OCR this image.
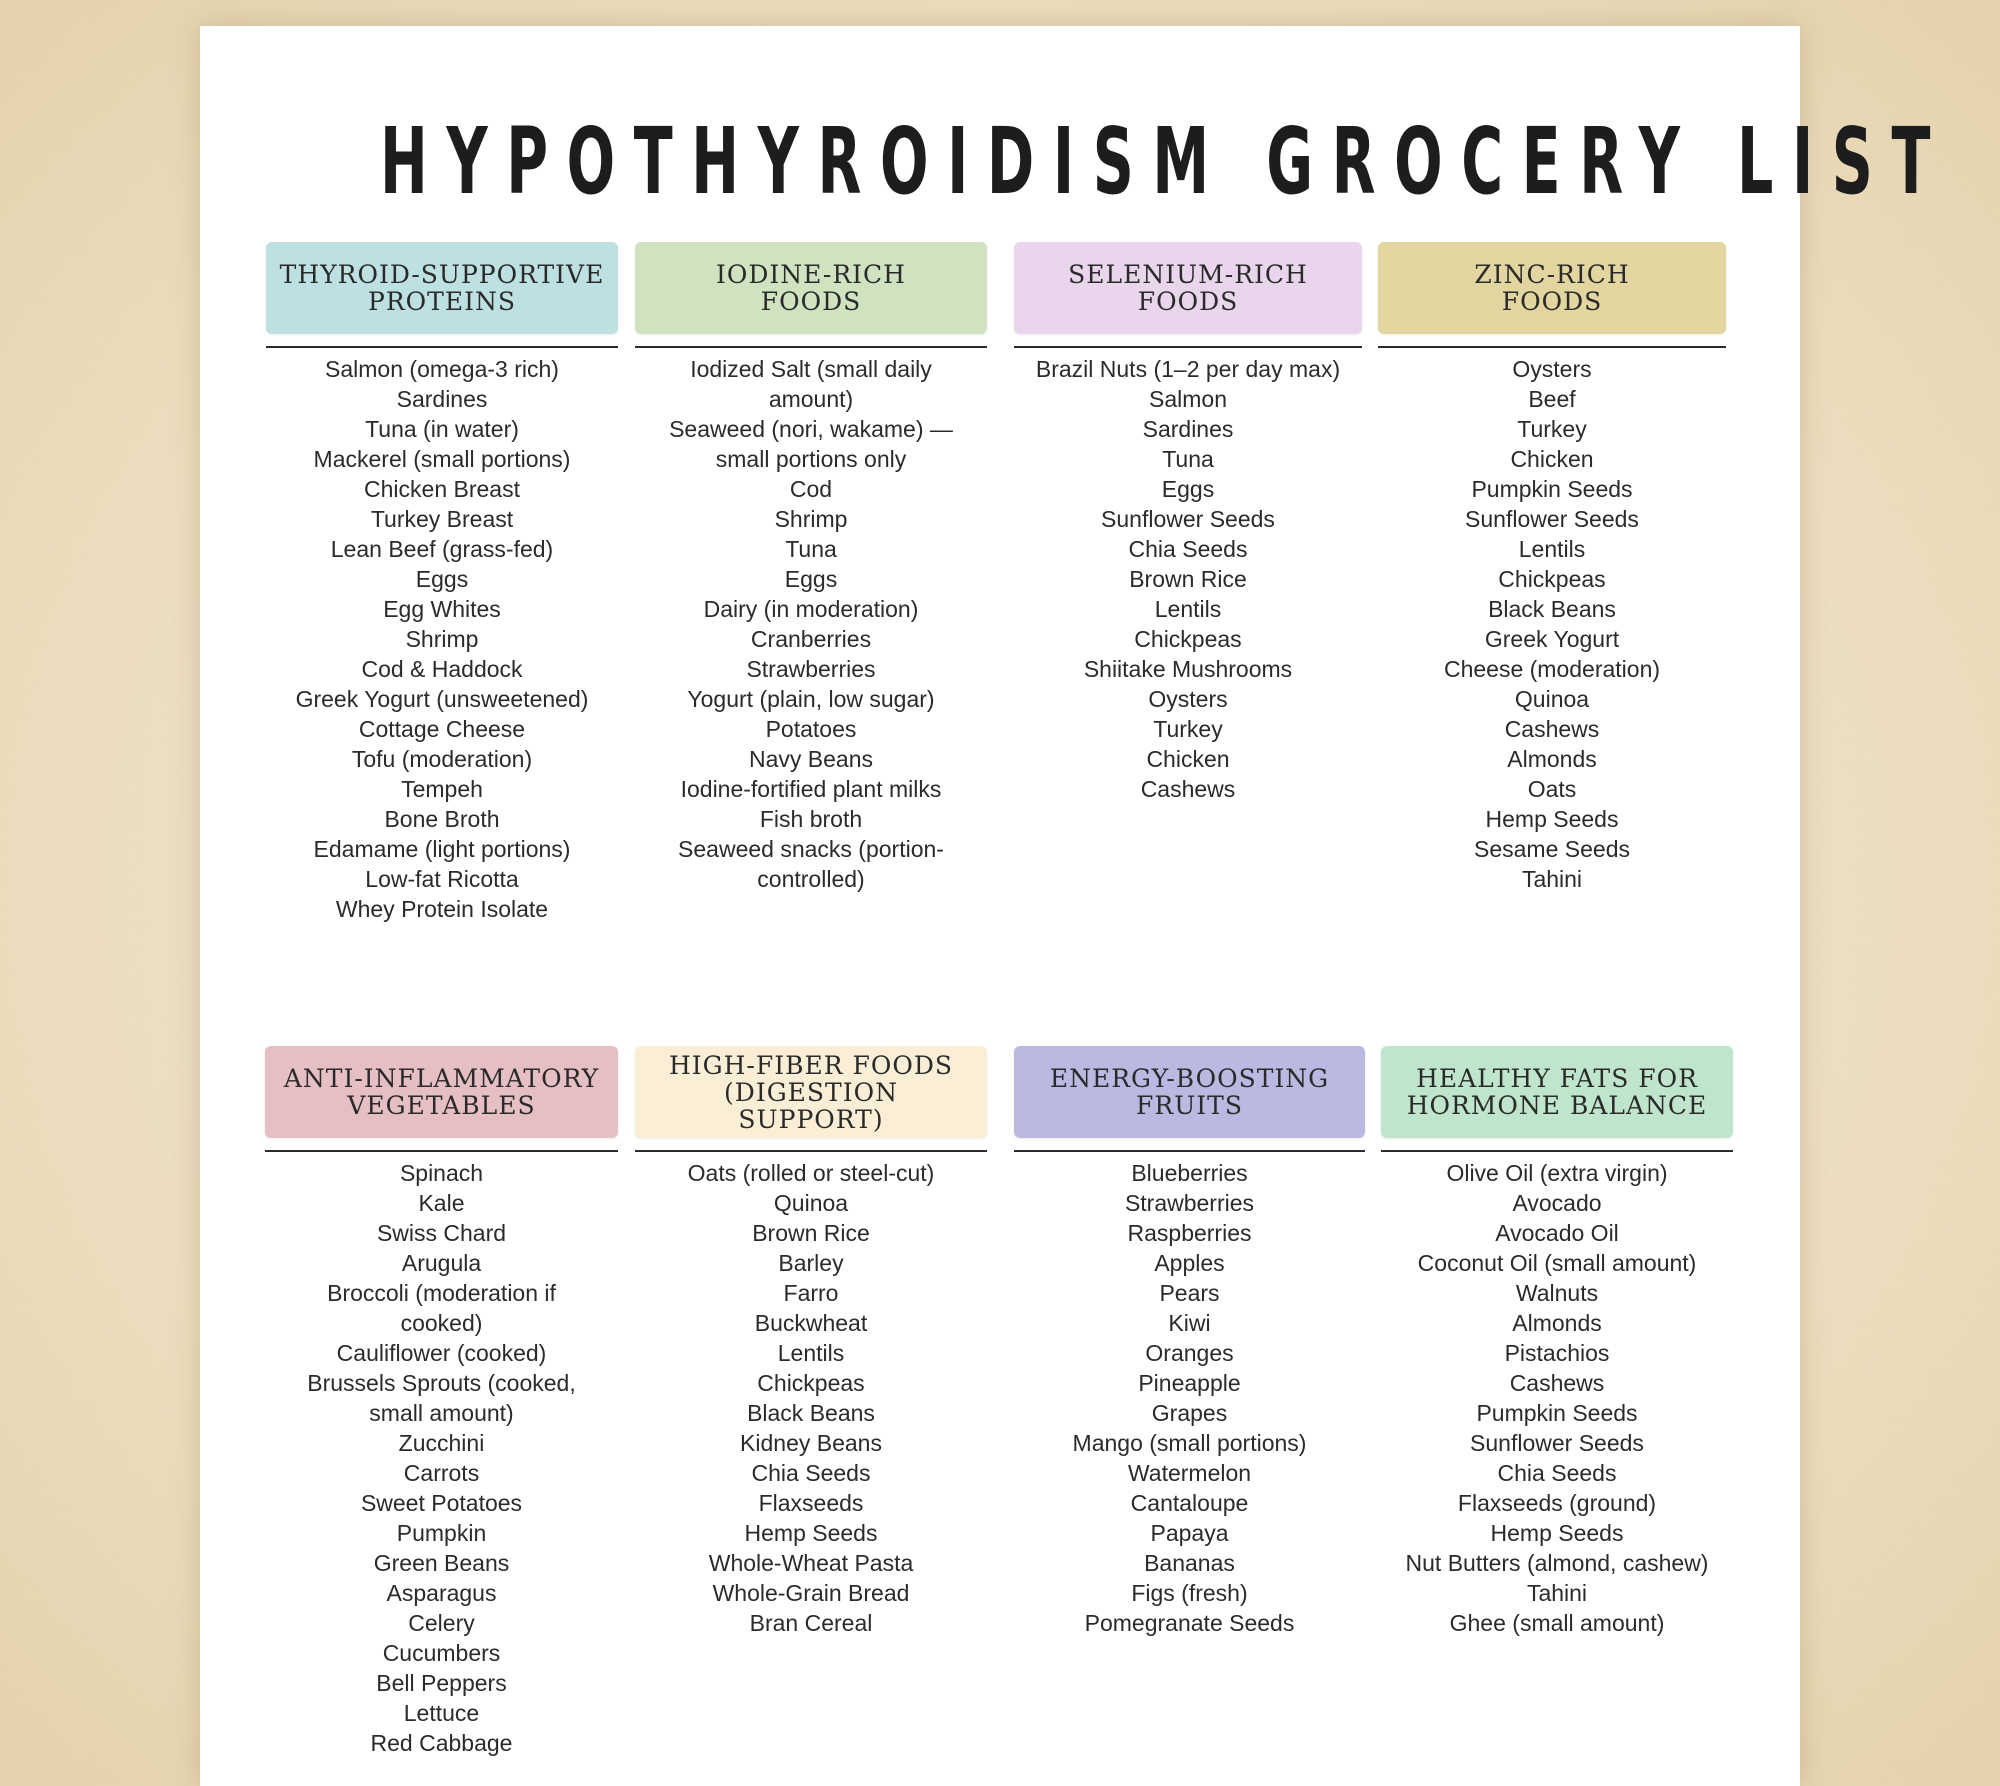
HYPOTHYROIDISM GROCERY LIST
THYROID-SUPPORTIVE
PROTEINS
Salmon (omega-3 rich)
Sardines
Tuna (in water)
Mackerel (small portions)
Chicken Breast
Turkey Breast
Lean Beef (grass-fed)
Eggs
Egg Whites
Shrimp
Cod & Haddock
Greek Yogurt (unsweetened)
Cottage Cheese
Tofu (moderation)
Tempeh
Bone Broth
Edamame (light portions)
Low-fat Ricotta
Whey Protein Isolate
IODINE-RICH
FOODS
Iodized Salt (small daily amount)
Seaweed (nori, wakame) — small portions only
Cod
Shrimp
Tuna
Eggs
Dairy (in moderation)
Cranberries
Strawberries
Yogurt (plain, low sugar)
Potatoes
Navy Beans
Iodine-fortified plant milks
Fish broth
Seaweed snacks (portion-controlled)
SELENIUM-RICH
FOODS
Brazil Nuts (1–2 per day max)
Salmon
Sardines
Tuna
Eggs
Sunflower Seeds
Chia Seeds
Brown Rice
Lentils
Chickpeas
Shiitake Mushrooms
Oysters
Turkey
Chicken
Cashews
ZINC-RICH
FOODS
Oysters
Beef
Turkey
Chicken
Pumpkin Seeds
Sunflower Seeds
Lentils
Chickpeas
Black Beans
Greek Yogurt
Cheese (moderation)
Quinoa
Cashews
Almonds
Oats
Hemp Seeds
Sesame Seeds
Tahini
ANTI-INFLAMMATORY
VEGETABLES
Spinach
Kale
Swiss Chard
Arugula
Broccoli (moderation if cooked)
Cauliflower (cooked)
Brussels Sprouts (cooked, small amount)
Zucchini
Carrots
Sweet Potatoes
Pumpkin
Green Beans
Asparagus
Celery
Cucumbers
Bell Peppers
Lettuce
Red Cabbage
HIGH-FIBER FOODS
(DIGESTION
SUPPORT)
Oats (rolled or steel-cut)
Quinoa
Brown Rice
Barley
Farro
Buckwheat
Lentils
Chickpeas
Black Beans
Kidney Beans
Chia Seeds
Flaxseeds
Hemp Seeds
Whole-Wheat Pasta
Whole-Grain Bread
Bran Cereal
ENERGY-BOOSTING
FRUITS
Blueberries
Strawberries
Raspberries
Apples
Pears
Kiwi
Oranges
Pineapple
Grapes
Mango (small portions)
Watermelon
Cantaloupe
Papaya
Bananas
Figs (fresh)
Pomegranate Seeds
HEALTHY FATS FOR
HORMONE BALANCE
Olive Oil (extra virgin)
Avocado
Avocado Oil
Coconut Oil (small amount)
Walnuts
Almonds
Pistachios
Cashews
Pumpkin Seeds
Sunflower Seeds
Chia Seeds
Flaxseeds (ground)
Hemp Seeds
Nut Butters (almond, cashew)
Tahini
Ghee (small amount)
